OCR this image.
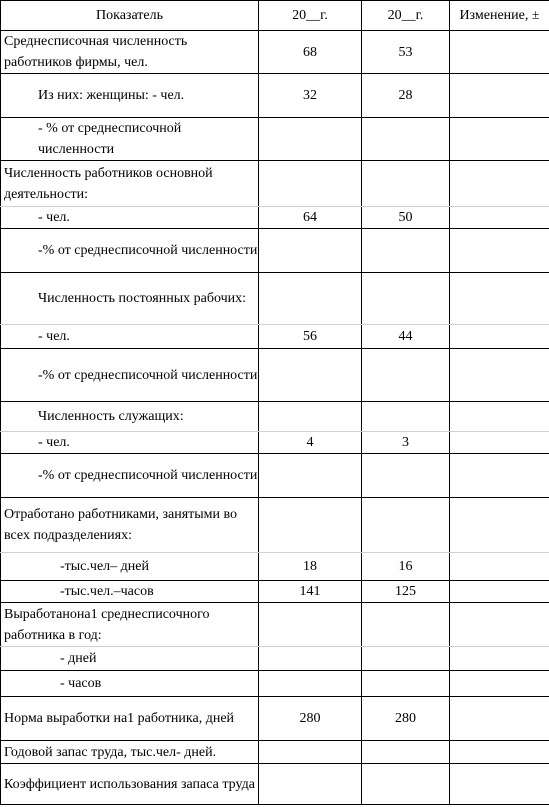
Показатель	20__г.	20__г.	Изменение, ±
Среднесписочная численность работников фирмы, чел.	68	53	
Из них: женщины: - чел.	32	28	
- % от среднесписочной численности			
Численность работников основной деятельности:			
- чел.	64	50	
-% от среднесписочной численности			
Численность постоянных рабочих:			
- чел.	56	44	
-% от среднесписочной численности			
Численность служащих:			
- чел.	4	3	
-% от среднесписочной численности			
Отработано работниками, занятыми во всех подразделениях:			
-тыс.чел– дней	18	16	
-тыс.чел.–часов	141	125	
Выработанона1 среднесписочного работника в год:			
- дней			
- часов			
Норма выработки на1 работника, дней	280	280	
Годовой запас труда, тыс.чел- дней.			
Коэффициент использования запаса труда			
